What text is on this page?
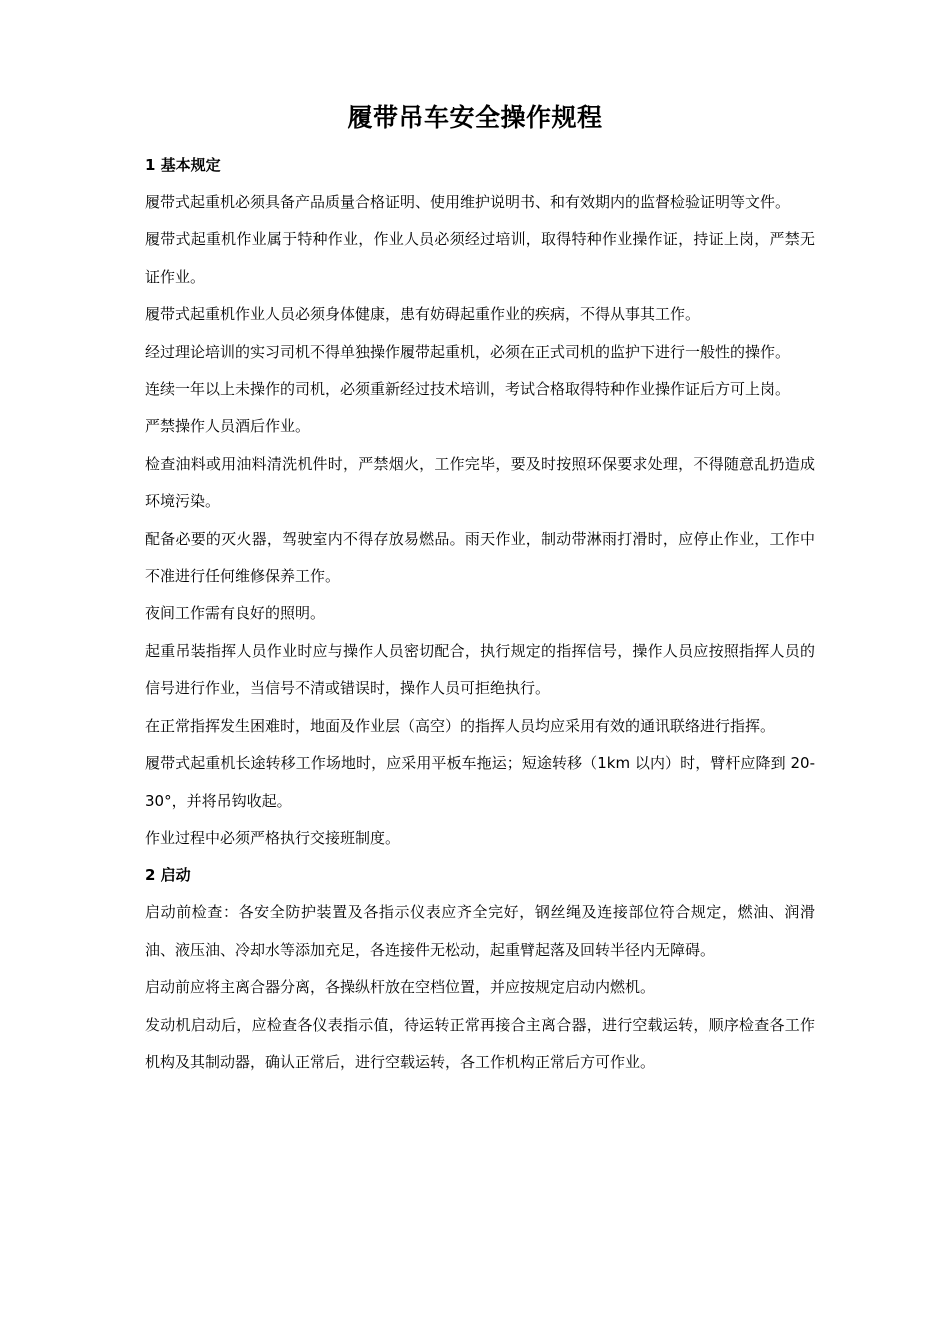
履带吊车安全操作规程
1 基本规定
履带式起重机必须具备产品质量合格证明、使用维护说明书、和有效期内的监督检验证明等文件。
履带式起重机作业属于特种作业，作业人员必须经过培训，取得特种作业操作证，持证上岗，严禁无证作业。
履带式起重机作业人员必须身体健康，患有妨碍起重作业的疾病，不得从事其工作。
经过理论培训的实习司机不得单独操作履带起重机，必须在正式司机的监护下进行一般性的操作。
连续一年以上未操作的司机，必须重新经过技术培训，考试合格取得特种作业操作证后方可上岗。
严禁操作人员酒后作业。
检查油料或用油料清洗机件时，严禁烟火，工作完毕，要及时按照环保要求处理，不得随意乱扔造成环境污染。
配备必要的灭火器，驾驶室内不得存放易燃品。雨天作业，制动带淋雨打滑时，应停止作业，工作中不准进行任何维修保养工作。
夜间工作需有良好的照明。
起重吊装指挥人员作业时应与操作人员密切配合，执行规定的指挥信号，操作人员应按照指挥人员的信号进行作业，当信号不清或错误时，操作人员可拒绝执行。
在正常指挥发生困难时，地面及作业层（高空）的指挥人员均应采用有效的通讯联络进行指挥。
履带式起重机长途转移工作场地时，应采用平板车拖运；短途转移（1km 以内）时，臂杆应降到 20-30°，并将吊钩收起。
作业过程中必须严格执行交接班制度。
2 启动
启动前检查：各安全防护装置及各指示仪表应齐全完好，钢丝绳及连接部位符合规定，燃油、润滑油、液压油、冷却水等添加充足，各连接件无松动，起重臂起落及回转半径内无障碍。
启动前应将主离合器分离，各操纵杆放在空档位置，并应按规定启动内燃机。
发动机启动后，应检查各仪表指示值，待运转正常再接合主离合器，进行空载运转，顺序检查各工作机构及其制动器，确认正常后，进行空载运转，各工作机构正常后方可作业。
